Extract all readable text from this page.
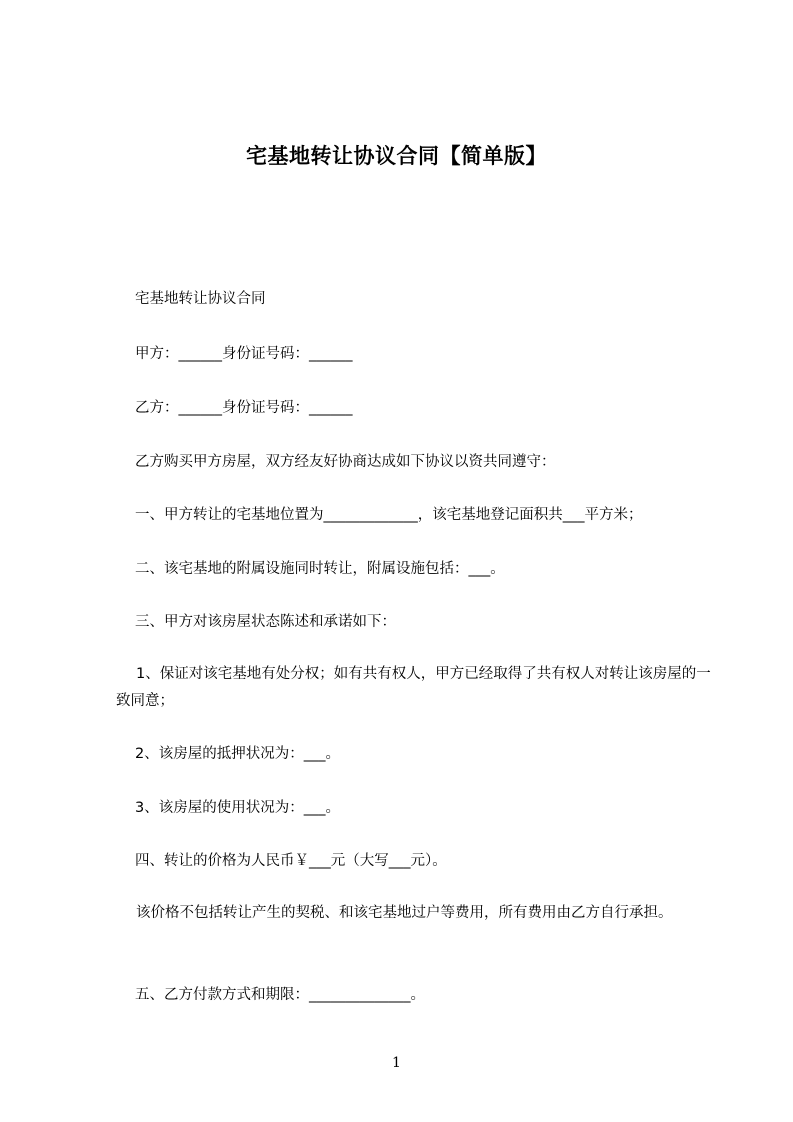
宅基地转让协议合同【简单版】
宅基地转让协议合同
甲方：______身份证号码：______
乙方：______身份证号码：______
乙方购买甲方房屋，双方经友好协商达成如下协议以资共同遵守：
一、甲方转让的宅基地位置为_____________，该宅基地登记面积共___平方米；
二、该宅基地的附属设施同时转让，附属设施包括：___。
三、甲方对该房屋状态陈述和承诺如下：
1、保证对该宅基地有处分权；如有共有权人，甲方已经取得了共有权人对转让该房屋的一致同意；
2、该房屋的抵押状况为：___。
3、该房屋的使用状况为：___。
四、转让的价格为人民币￥___元（大写___元）。
该价格不包括转让产生的契税、和该宅基地过户等费用，所有费用由乙方自行承担。
五、乙方付款方式和期限：______________。
1
